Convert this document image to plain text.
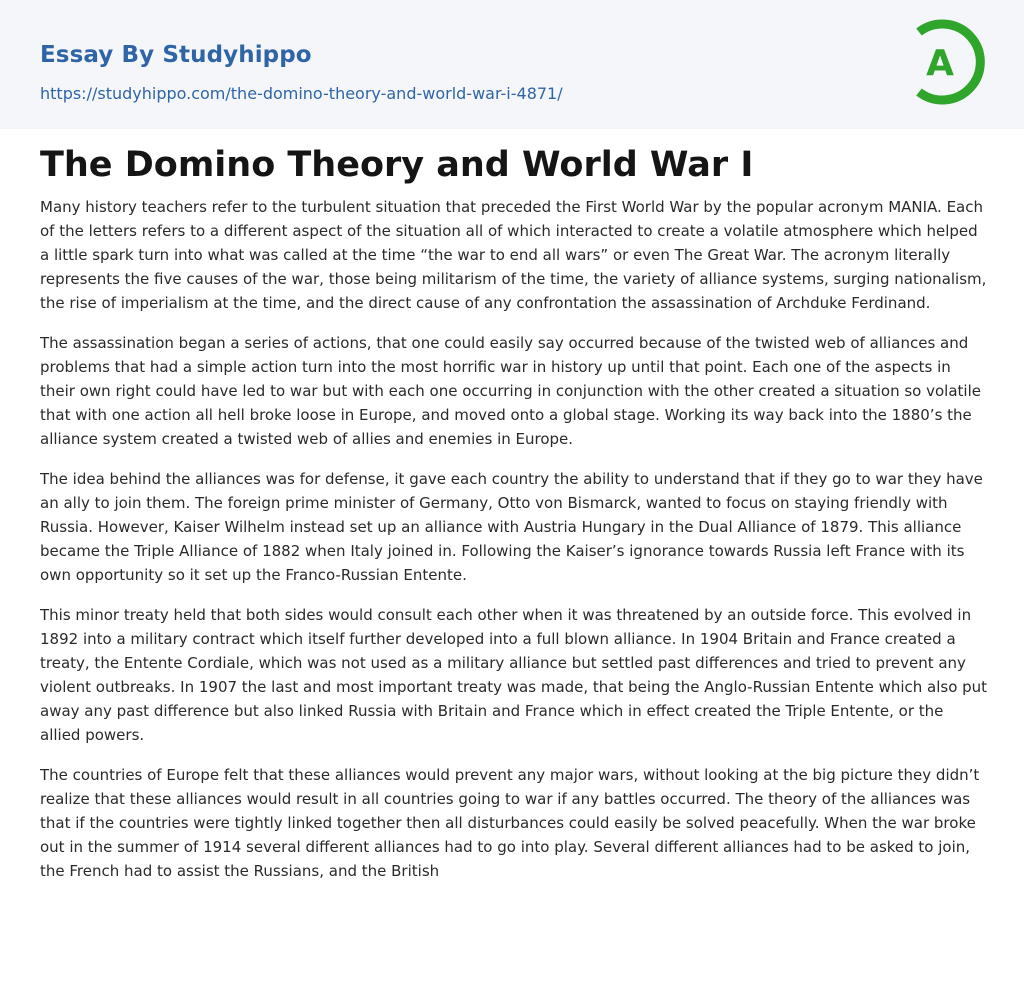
Essay By Studyhippo
https://studyhippo.com/the-domino-theory-and-world-war-i-4871/
A
The Domino Theory and World War I

Many history teachers refer to the turbulent situation that preceded the First World War by the popular acronym MANIA. Each of the letters refers to a different aspect of the situation all of which interacted to create a volatile atmosphere which helped a little spark turn into what was called at the time “the war to end all wars” or even The Great War. The acronym literally represents the five causes of the war, those being militarism of the time, the variety of alliance systems, surging nationalism, the rise of imperialism at the time, and the direct cause of any confrontation the assassination of Archduke Ferdinand.

The assassination began a series of actions, that one could easily say occurred because of the twisted web of alliances and problems that had a simple action turn into the most horrific war in history up until that point. Each one of the aspects in their own right could have led to war but with each one occurring in conjunction with the other created a situation so volatile that with one action all hell broke loose in Europe, and moved onto a global stage. Working its way back into the 1880’s the alliance system created a twisted web of allies and enemies in Europe.

The idea behind the alliances was for defense, it gave each country the ability to understand that if they go to war they have an ally to join them. The foreign prime minister of Germany, Otto von Bismarck, wanted to focus on staying friendly with Russia. However, Kaiser Wilhelm instead set up an alliance with Austria Hungary in the Dual Alliance of 1879. This alliance became the Triple Alliance of 1882 when Italy joined in. Following the Kaiser’s ignorance towards Russia left France with its own opportunity so it set up the Franco-Russian Entente.

This minor treaty held that both sides would consult each other when it was threatened by an outside force. This evolved in 1892 into a military contract which itself further developed into a full blown alliance. In 1904 Britain and France created a treaty, the Entente Cordiale, which was not used as a military alliance but settled past differences and tried to prevent any violent outbreaks. In 1907 the last and most important treaty was made, that being the Anglo-Russian Entente which also put away any past difference but also linked Russia with Britain and France which in effect created the Triple Entente, or the allied powers.

The countries of Europe felt that these alliances would prevent any major wars, without looking at the big picture they didn’t realize that these alliances would result in all countries going to war if any battles occurred. The theory of the alliances was that if the countries were tightly linked together then all disturbances could easily be solved peacefully. When the war broke out in the summer of 1914 several different alliances had to go into play. Several different alliances had to be asked to join, the French had to assist the Russians, and the British
